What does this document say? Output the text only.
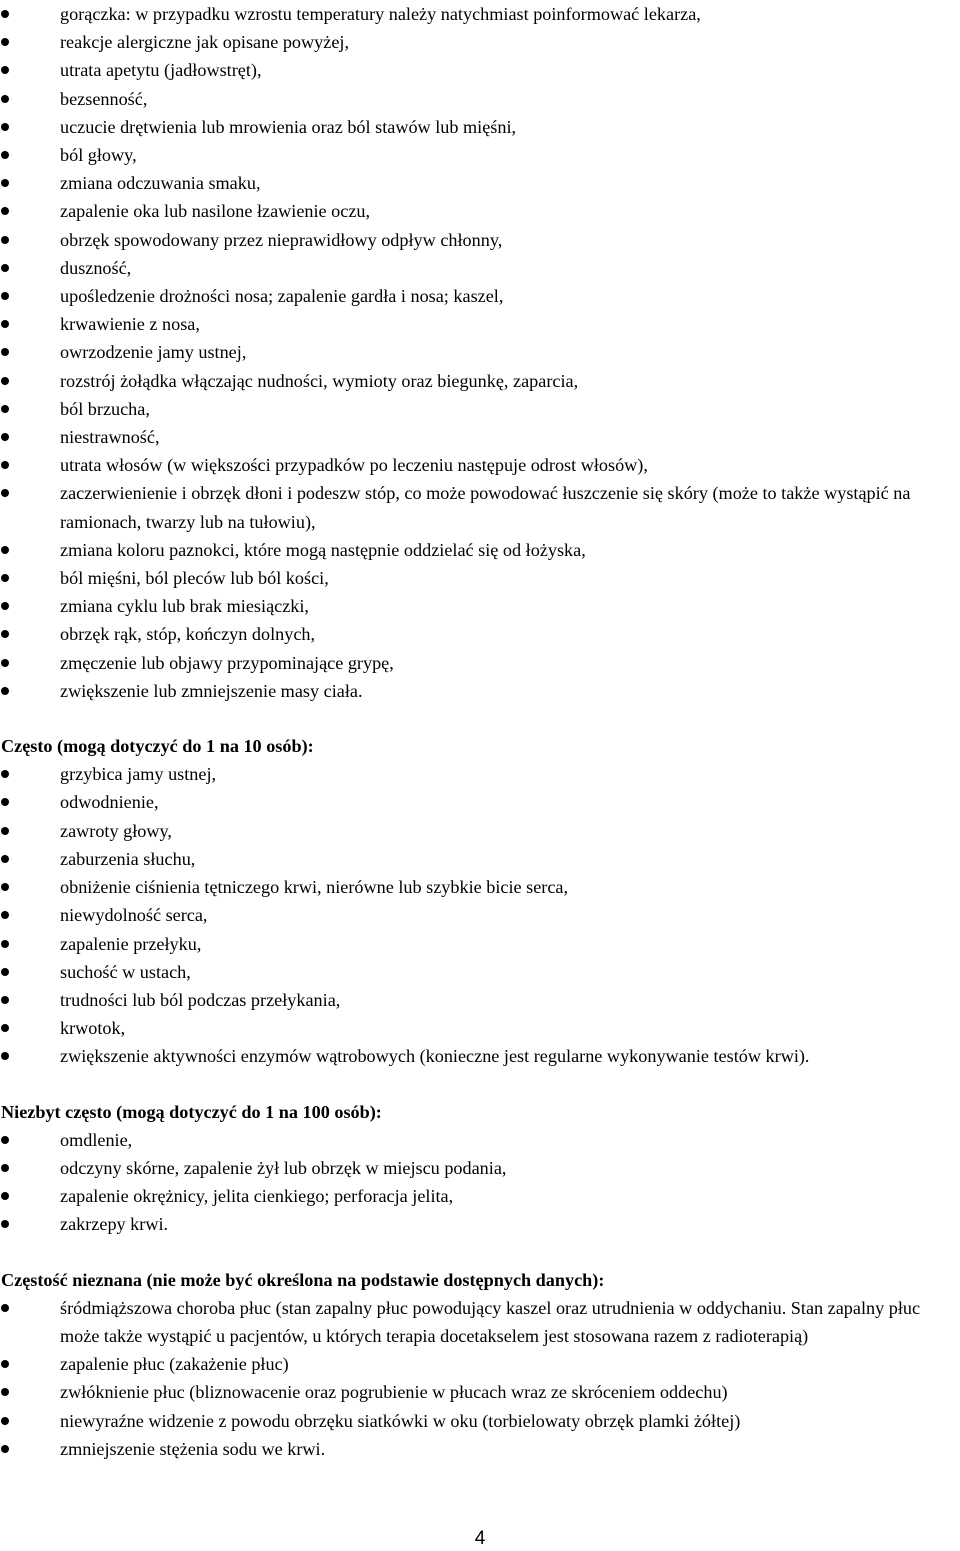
gorączka: w przypadku wzrostu temperatury należy natychmiast poinformować lekarza,
reakcje alergiczne jak opisane powyżej,
utrata apetytu (jadłowstręt),
bezsenność,
uczucie drętwienia lub mrowienia oraz ból stawów lub mięśni,
ból głowy,
zmiana odczuwania smaku,
zapalenie oka lub nasilone łzawienie oczu,
obrzęk spowodowany przez nieprawidłowy odpływ chłonny,
duszność,
upośledzenie drożności nosa; zapalenie gardła i nosa; kaszel,
krwawienie z nosa,
owrzodzenie jamy ustnej,
rozstrój żołądka włączając nudności, wymioty oraz biegunkę, zaparcia,
ból brzucha,
niestrawność,
utrata włosów (w większości przypadków po leczeniu następuje odrost włosów),
zaczerwienienie i obrzęk dłoni i podeszw stóp, co może powodować łuszczenie się skóry (może to także wystąpić na ramionach, twarzy lub na tułowiu),
zmiana koloru paznokci, które mogą następnie oddzielać się od łożyska,
ból mięśni, ból pleców lub ból kości,
zmiana cyklu lub brak miesiączki,
obrzęk rąk, stóp, kończyn dolnych,
zmęczenie lub objawy przypominające grypę,
zwiększenie lub zmniejszenie masy ciała.

Często (mogą dotyczyć do 1 na 10 osób):

grzybica jamy ustnej,
odwodnienie,
zawroty głowy,
zaburzenia słuchu,
obniżenie ciśnienia tętniczego krwi, nierówne lub szybkie bicie serca,
niewydolność serca,
zapalenie przełyku,
suchość w ustach,
trudności lub ból podczas przełykania,
krwotok,
zwiększenie aktywności enzymów wątrobowych (konieczne jest regularne wykonywanie testów krwi).

Niezbyt często (mogą dotyczyć do 1 na 100 osób):

omdlenie,
odczyny skórne, zapalenie żył lub obrzęk w miejscu podania,
zapalenie okrężnicy, jelita cienkiego; perforacja jelita,
zakrzepy krwi.

Częstość nieznana (nie może być określona na podstawie dostępnych danych):

śródmiąższowa choroba płuc (stan zapalny płuc powodujący kaszel oraz utrudnienia w oddychaniu. Stan zapalny płuc może także wystąpić u pacjentów, u których terapia docetakselem jest stosowana razem z radioterapią)
zapalenie płuc (zakażenie płuc)
zwłóknienie płuc (bliznowacenie oraz pogrubienie w płucach wraz ze skróceniem oddechu)
niewyraźne widzenie z powodu obrzęku siatkówki w oku (torbielowaty obrzęk plamki żółtej)
zmniejszenie stężenia sodu we krwi.
4
